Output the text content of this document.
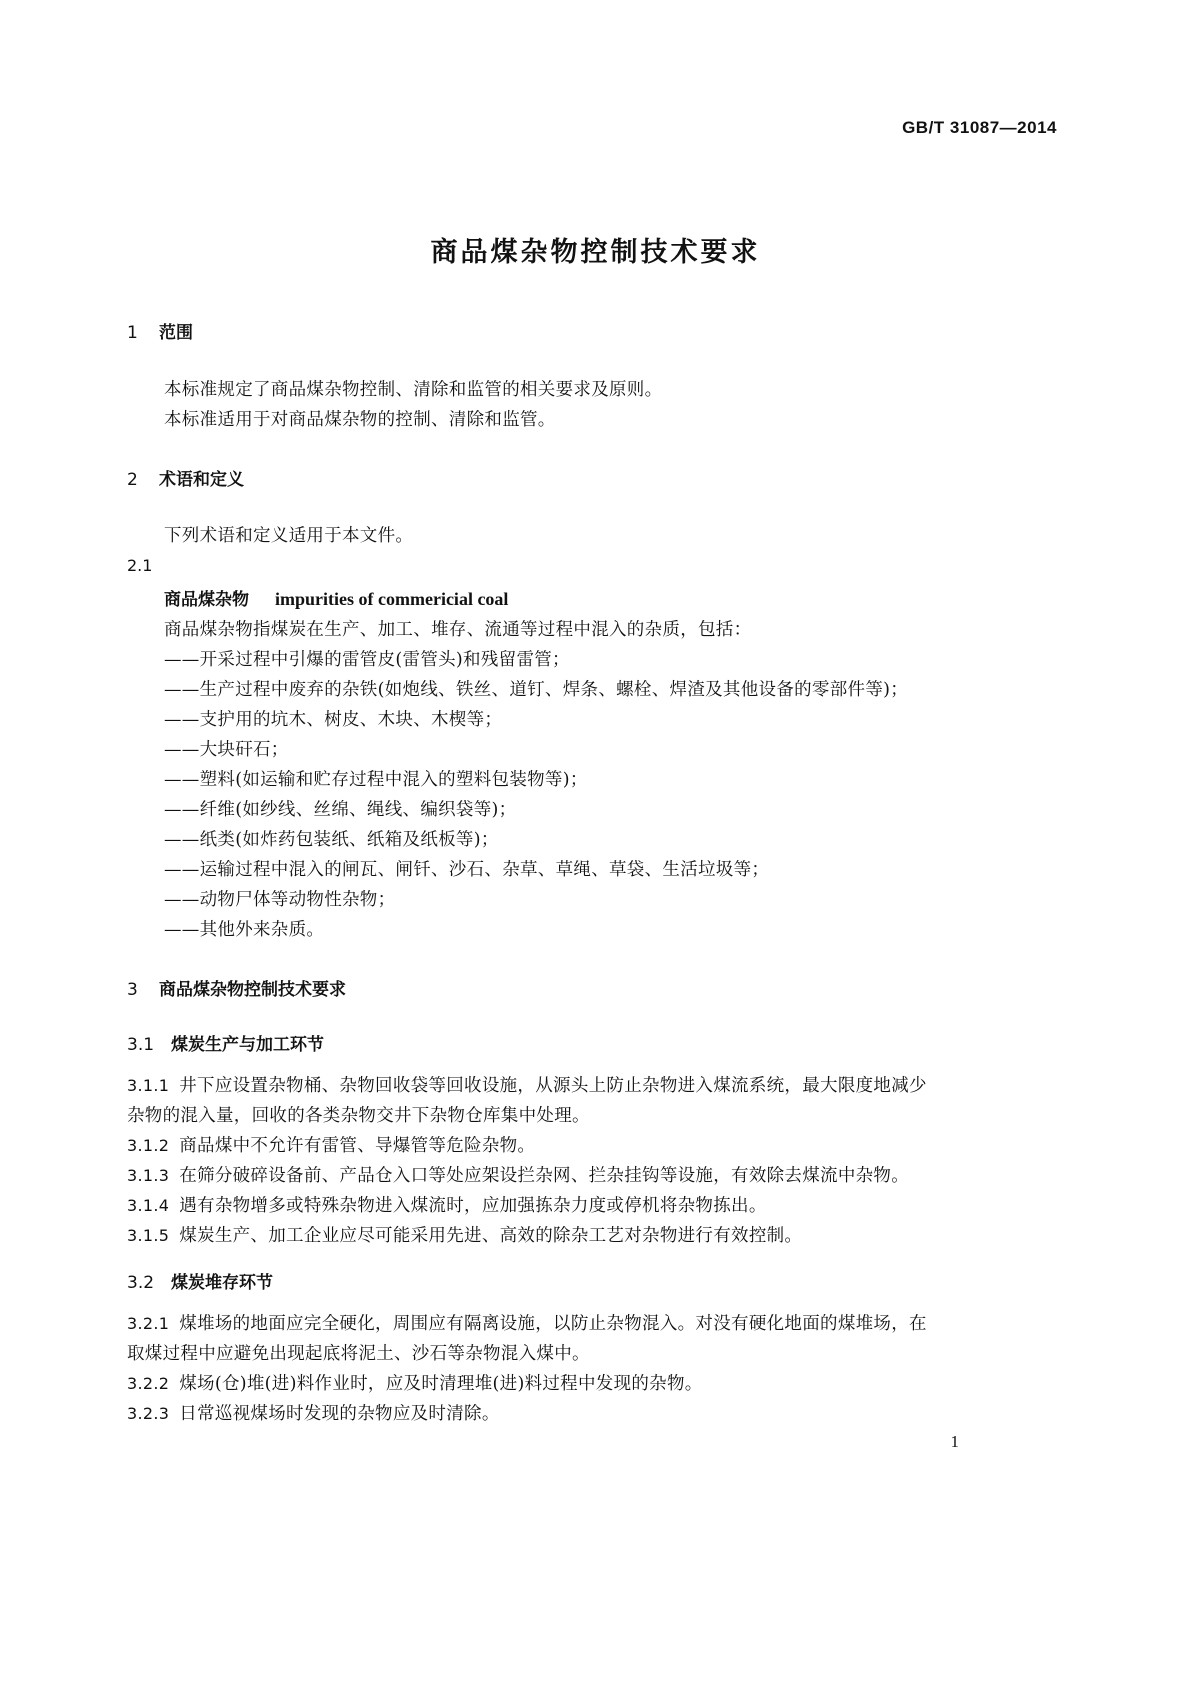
GB/T 31087—2014
商品煤杂物控制技术要求
1 范围
本标准规定了商品煤杂物控制、清除和监管的相关要求及原则。
本标准适用于对商品煤杂物的控制、清除和监管。
2 术语和定义
下列术语和定义适用于本文件。
2.1
商品煤杂物 impurities of commericial coal
商品煤杂物指煤炭在生产、加工、堆存、流通等过程中混入的杂质，包括：
——开采过程中引爆的雷管皮(雷管头)和残留雷管；
——生产过程中废弃的杂铁(如炮线、铁丝、道钉、焊条、螺栓、焊渣及其他设备的零部件等)；
——支护用的坑木、树皮、木块、木楔等；
——大块矸石；
——塑料(如运输和贮存过程中混入的塑料包装物等)；
——纤维(如纱线、丝绵、绳线、编织袋等)；
——纸类(如炸药包装纸、纸箱及纸板等)；
——运输过程中混入的闸瓦、闸钎、沙石、杂草、草绳、草袋、生活垃圾等；
——动物尸体等动物性杂物；
——其他外来杂质。
3 商品煤杂物控制技术要求
3.1 煤炭生产与加工环节
3.1.1 井下应设置杂物桶、杂物回收袋等回收设施，从源头上防止杂物进入煤流系统，最大限度地减少
杂物的混入量，回收的各类杂物交井下杂物仓库集中处理。
3.1.2 商品煤中不允许有雷管、导爆管等危险杂物。
3.1.3 在筛分破碎设备前、产品仓入口等处应架设拦杂网、拦杂挂钩等设施，有效除去煤流中杂物。
3.1.4 遇有杂物增多或特殊杂物进入煤流时，应加强拣杂力度或停机将杂物拣出。
3.1.5 煤炭生产、加工企业应尽可能采用先进、高效的除杂工艺对杂物进行有效控制。
3.2 煤炭堆存环节
3.2.1 煤堆场的地面应完全硬化，周围应有隔离设施，以防止杂物混入。对没有硬化地面的煤堆场，在
取煤过程中应避免出现起底将泥土、沙石等杂物混入煤中。
3.2.2 煤场(仓)堆(进)料作业时，应及时清理堆(进)料过程中发现的杂物。
3.2.3 日常巡视煤场时发现的杂物应及时清除。
1
